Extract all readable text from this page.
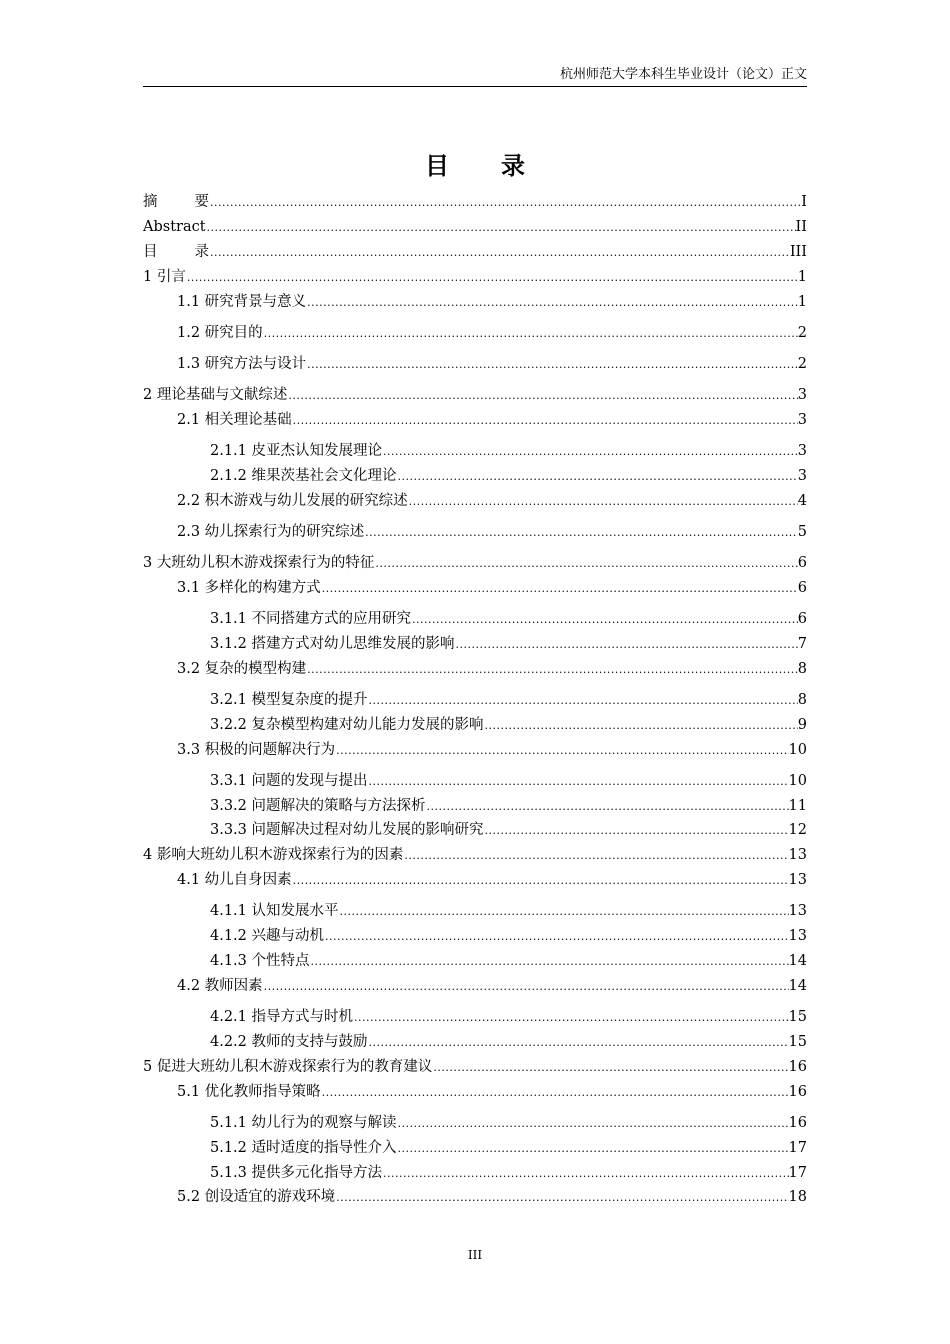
杭州师范大学本科生毕业设计（论文）正文
目 录
摘	要 .....	I
Abstract .....	II
目	录 .....	III
1 引言 .....	1
1.1 研究背景与意义 .....	1
1.2 研究目的 .....	2
1.3 研究方法与设计 .....	2
2 理论基础与文献综述 .....	3
2.1 相关理论基础 .....	3
2.1.1 皮亚杰认知发展理论 .....	3
2.1.2 维果茨基社会文化理论 .....	3
2.2 积木游戏与幼儿发展的研究综述 .....	4
2.3 幼儿探索行为的研究综述 .....	5
3 大班幼儿积木游戏探索行为的特征 .....	6
3.1 多样化的构建方式 .....	6
3.1.1 不同搭建方式的应用研究 .....	6
3.1.2 搭建方式对幼儿思维发展的影响 .....	7
3.2 复杂的模型构建 .....	8
3.2.1 模型复杂度的提升 .....	8
3.2.2 复杂模型构建对幼儿能力发展的影响 .....	9
3.3 积极的问题解决行为 .....	10
3.3.1 问题的发现与提出 .....	10
3.3.2 问题解决的策略与方法探析 .....	11
3.3.3 问题解决过程对幼儿发展的影响研究 .....	12
4 影响大班幼儿积木游戏探索行为的因素 .....	13
4.1 幼儿自身因素 .....	13
4.1.1 认知发展水平 .....	13
4.1.2 兴趣与动机 .....	13
4.1.3 个性特点 .....	14
4.2 教师因素 .....	14
4.2.1 指导方式与时机 .....	15
4.2.2 教师的支持与鼓励 .....	15
5 促进大班幼儿积木游戏探索行为的教育建议 .....	16
5.1 优化教师指导策略 .....	16
5.1.1 幼儿行为的观察与解读 .....	16
5.1.2 适时适度的指导性介入 .....	17
5.1.3 提供多元化指导方法 .....	17
5.2 创设适宜的游戏环境 .....	18
III
